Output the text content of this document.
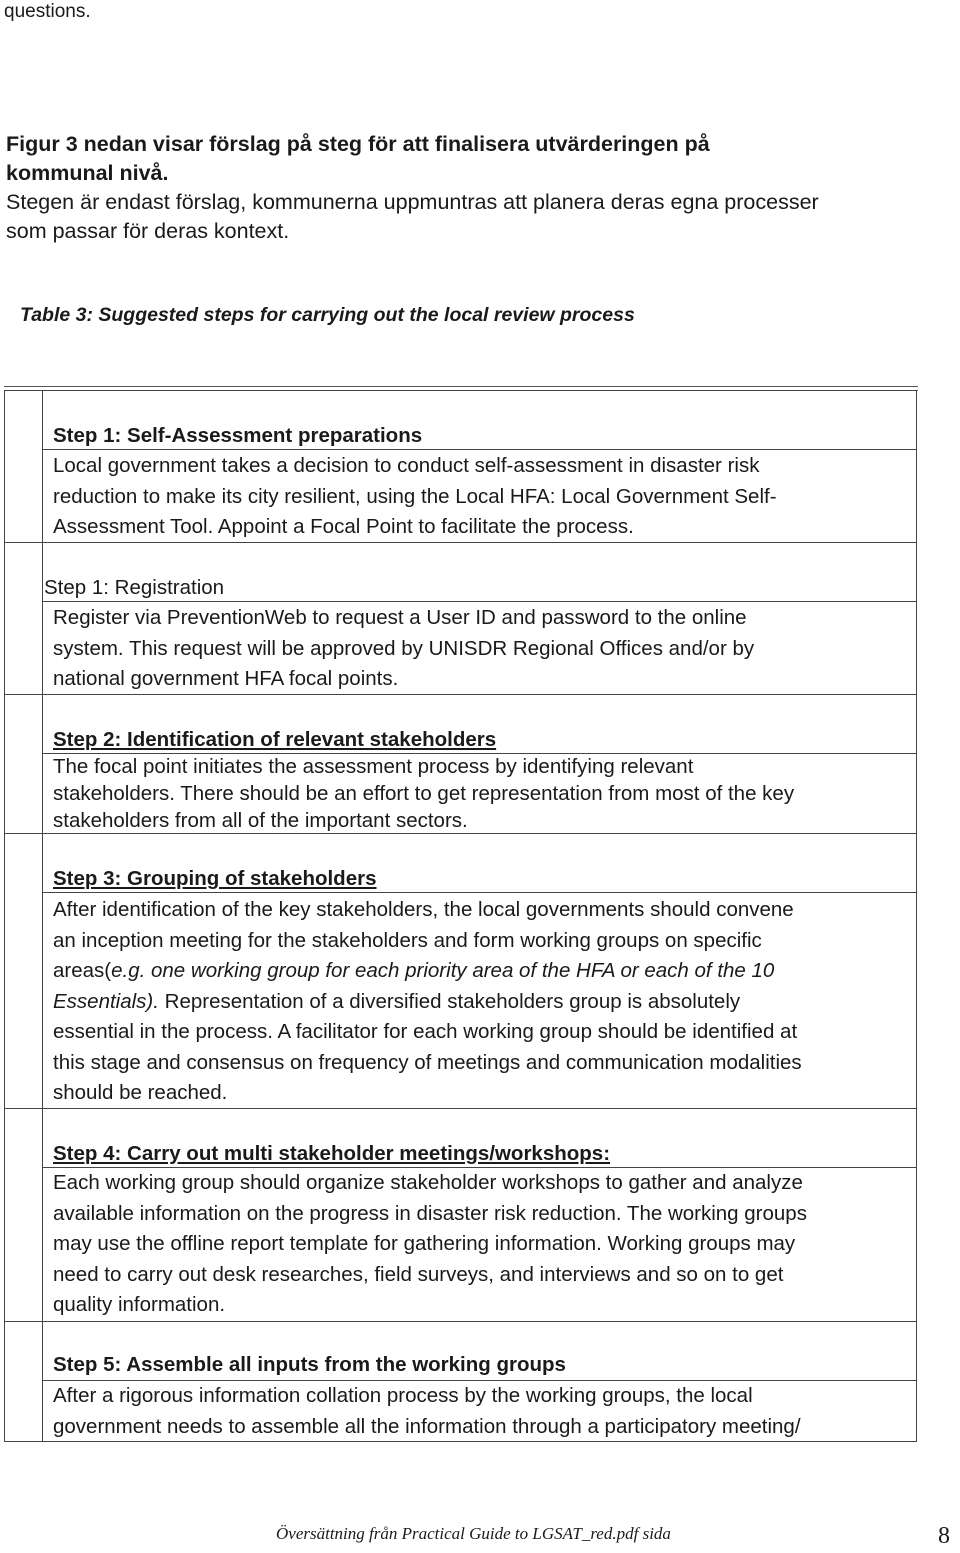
questions.
Figur 3 nedan visar förslag på steg för att finalisera utvärderingen på
kommunal nivå.
Stegen är endast förslag, kommunerna uppmuntras att planera deras egna processer
som passar för deras kontext.
Table 3: Suggested steps for carrying out the local review process
Step 1: Self-Assessment preparations
Local government takes a decision to conduct self-assessment in disaster risk
reduction to make its city resilient, using the Local HFA: Local Government Self-
Assessment Tool. Appoint a Focal Point to facilitate the process.
Step 1: Registration
Register via PreventionWeb to request a User ID and password to the online
system. This request will be approved by UNISDR Regional Offices and/or by
national government HFA focal points.
Step 2: Identification of relevant stakeholders
The focal point initiates the assessment process by identifying relevant
stakeholders. There should be an effort to get representation from most of the key
stakeholders from all of the important sectors.
Step 3: Grouping of stakeholders
After identification of the key stakeholders, the local governments should convene
an inception meeting for the stakeholders and form working groups on specific
areas(e.g. one working group for each priority area of the HFA or each of the 10
Essentials). Representation of a diversified stakeholders group is absolutely
essential in the process. A facilitator for each working group should be identified at
this stage and consensus on frequency of meetings and communication modalities
should be reached.
Step 4: Carry out multi stakeholder meetings/workshops:
Each working group should organize stakeholder workshops to gather and analyze
available information on the progress in disaster risk reduction. The working groups
may use the offline report template for gathering information. Working groups may
need to carry out desk researches, field surveys, and interviews and so on to get
quality information.
Step 5: Assemble all inputs from the working groups
After a rigorous information collation process by the working groups, the local
government needs to assemble all the information through a participatory meeting/
Översättning från Practical Guide to LGSAT_red.pdf sida	8
